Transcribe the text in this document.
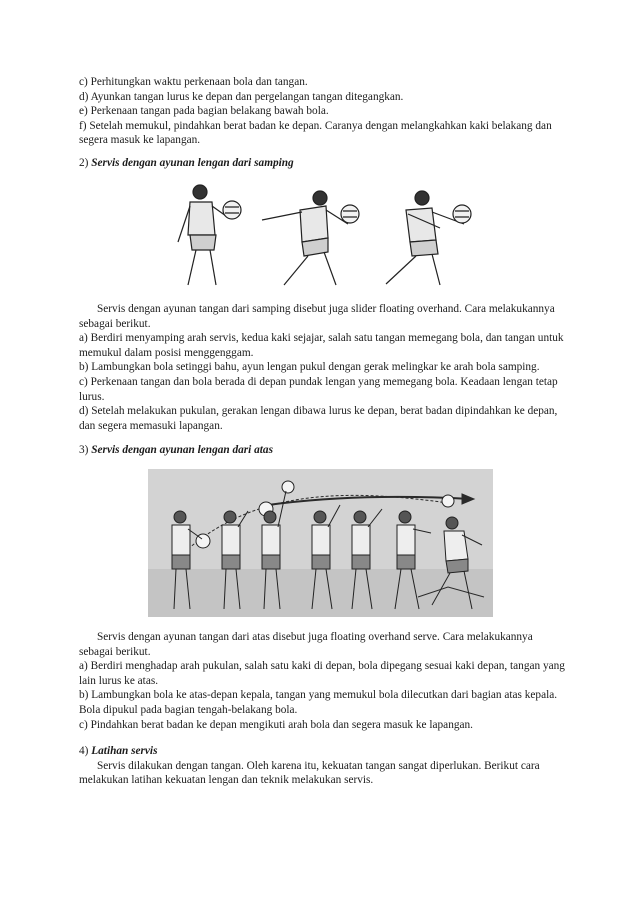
c) Perhitungkan waktu perkenaan bola dan tangan.

d) Ayunkan tangan lurus ke depan dan pergelangan tangan ditegangkan.

e) Perkenaan tangan pada bagian belakang bawah bola.

f) Setelah memukul, pindahkan berat badan ke depan. Caranya dengan melangkahkan kaki belakang dan segera masuk ke lapangan.

2) Servis dengan ayunan lengan dari samping

Servis dengan ayunan tangan dari samping disebut juga slider floating overhand. Cara melakukannya sebagai berikut.

a) Berdiri menyamping arah servis, kedua kaki sejajar, salah satu tangan memegang bola, dan tangan untuk memukul dalam posisi menggenggam.

b) Lambungkan bola setinggi bahu, ayun lengan pukul dengan gerak melingkar ke arah bola samping.

c) Perkenaan tangan dan bola berada di depan pundak lengan yang memegang bola. Keadaan lengan tetap lurus.

d) Setelah melakukan pukulan, gerakan lengan dibawa lurus ke depan, berat badan dipindahkan ke depan, dan segera memasuki lapangan.

3) Servis dengan ayunan lengan dari atas

Servis dengan ayunan tangan dari atas disebut juga floating overhand serve. Cara melakukannya sebagai berikut.

a) Berdiri menghadap arah pukulan, salah satu kaki di depan, bola dipegang sesuai kaki depan, tangan yang lain lurus ke atas.

b) Lambungkan bola ke atas-depan kepala, tangan yang memukul bola dilecutkan dari bagian atas kepala. Bola dipukul pada bagian tengah-belakang bola.

c) Pindahkan berat badan ke depan mengikuti arah bola dan segera masuk ke lapangan.

4) Latihan servis

Servis dilakukan dengan tangan. Oleh karena itu, kekuatan tangan sangat diperlukan. Berikut cara melakukan latihan kekuatan lengan dan teknik melakukan servis.
